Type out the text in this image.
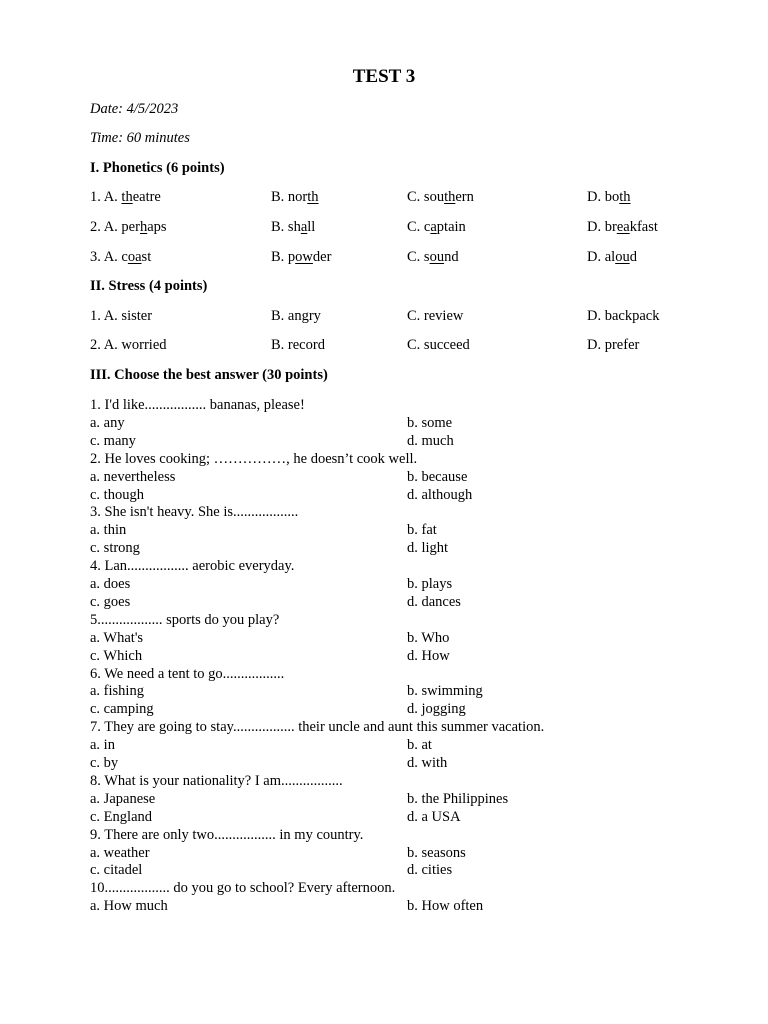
TEST 3
Date: 4/5/2023
Time: 60 minutes
I. Phonetics (6 points)
1. A. theatre	B. north	C. southern	D. both
2. A. perhaps	B. shall	C. captain	D. breakfast
3. A. coast	B. powder	C. sound	D. aloud
II. Stress (4 points)
1. A. sister	B. angry	C. review	D. backpack
2. A. worried	B. record	C. succeed	D. prefer
III. Choose the best answer (30 points)
1. I'd like................. bananas, please!
a. any	b. some
c. many	d. much
2. He loves cooking; ……………, he doesn’t cook well.
a. nevertheless	b. because
c. though	d. although
3. She isn't heavy. She is..................
a. thin	b. fat
c. strong	d. light
4. Lan................. aerobic everyday.
a. does	b. plays
c. goes	d. dances
5.................. sports do you play?
a. What's	b. Who
c. Which	d. How
6. We need a tent to go.................
a. fishing	b. swimming
c. camping	d. jogging
7. They are going to stay................. their uncle and aunt this summer vacation.
a. in	b. at
c. by	d. with
8. What is your nationality? I am.................
a. Japanese	b. the Philippines
c. England	d. a USA
9. There are only two................. in my country.
a. weather	b. seasons
c. citadel	d. cities
10.................. do you go to school? Every afternoon.
a. How much	b. How often
